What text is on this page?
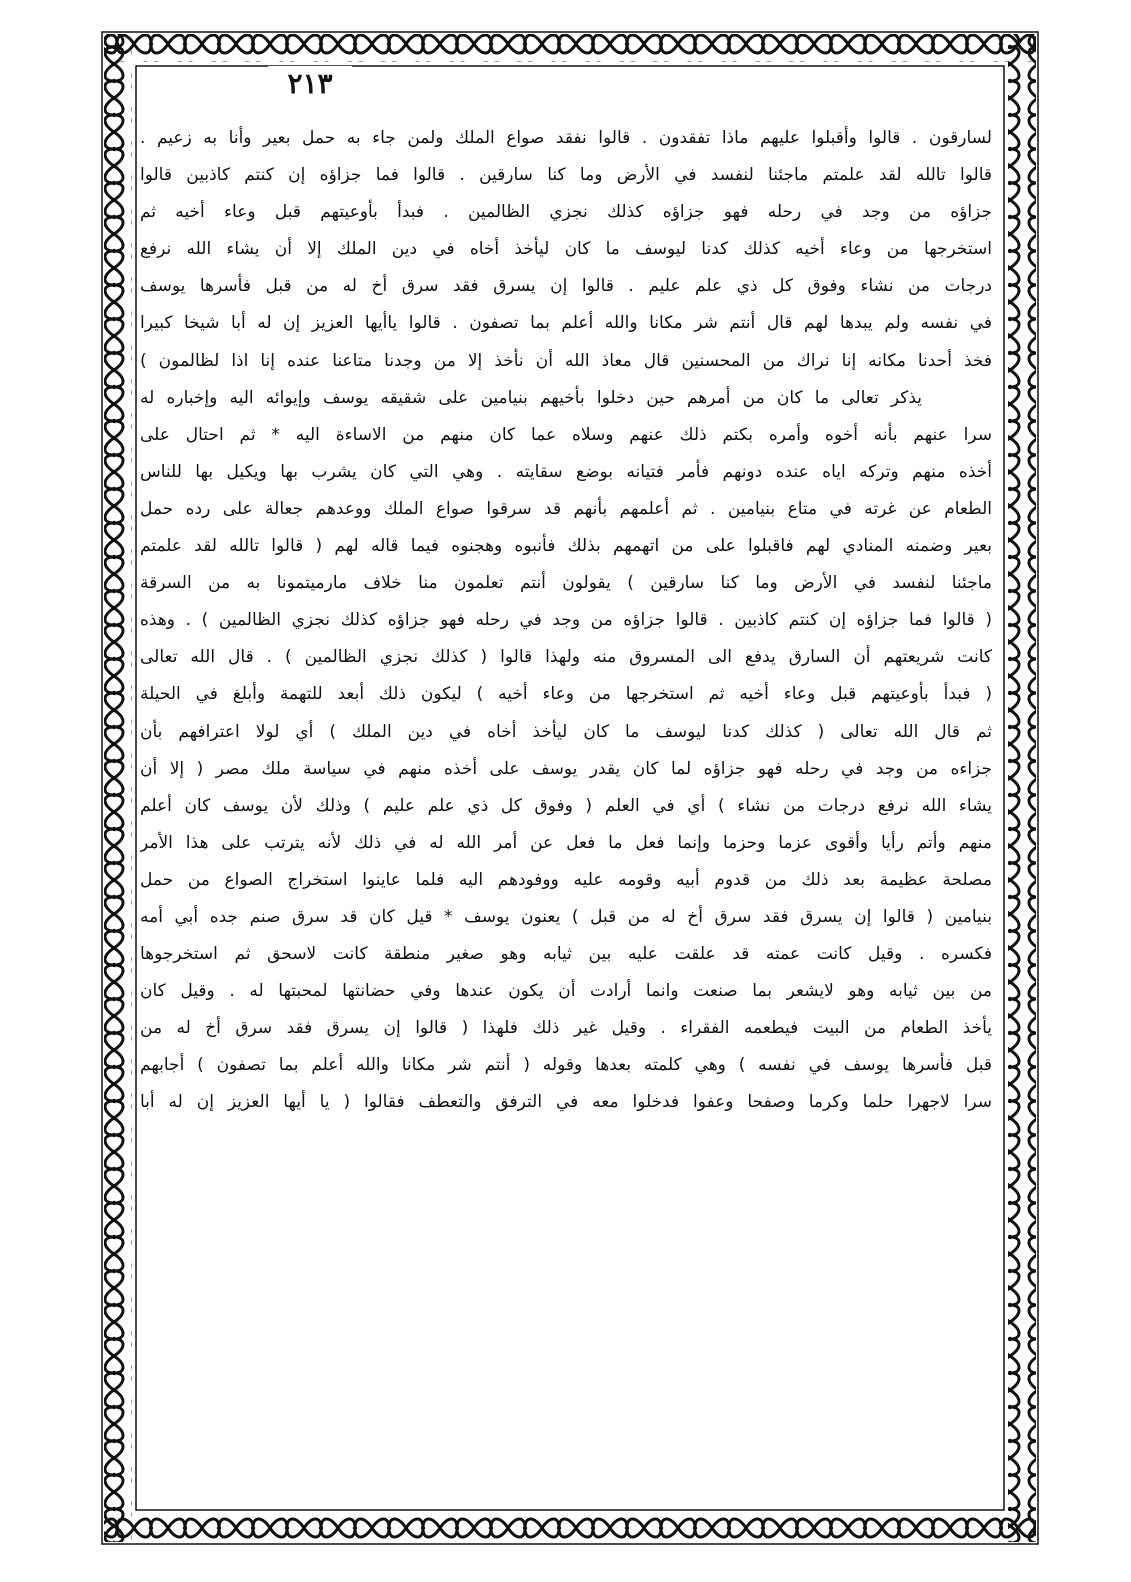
٢١٣
لسارقون . قالوا وأقبلوا عليهم ماذا تفقدون . قالوا نفقد صواع الملك ولمن جاء به حمل بعير وأنا به زعيم .
قالوا تالله لقد علمتم ماجئنا لنفسد في الأرض وما كنا سارقين . قالوا فما جزاؤه إن كنتم كاذبين قالوا
جزاؤه من وجد في رحله فهو جزاؤه كذلك نجزي الظالمين . فبدأ بأوعيتهم قبل وعاء أخيه ثم
استخرجها من وعاء أخيه كذلك كدنا ليوسف ما كان ليأخذ أخاه في دين الملك إلا أن يشاء الله نرفع
درجات من نشاء وفوق كل ذي علم عليم . قالوا إن يسرق فقد سرق أخ له من قبل فأسرها يوسف
في نفسه ولم يبدها لهم قال أنتم شر مكانا والله أعلم بما تصفون . قالوا ياأيها العزيز إن له أبا شيخا كبيرا
فخذ أحدنا مكانه إنا نراك من المحسنين قال معاذ الله أن نأخذ إلا من وجدنا متاعنا عنده إنا اذا لظالمون )
يذكر تعالى ما كان من أمرهم حين دخلوا بأخيهم بنيامين على شقيقه يوسف وإيوائه اليه وإخباره له
سرا عنهم بأنه أخوه وأمره بكتم ذلك عنهم وسلاه عما كان منهم من الاساءة اليه * ثم احتال على
أخذه منهم وتركه اياه عنده دونهم فأمر فتيانه بوضع سقايته . وهي التي كان يشرب بها ويكيل بها للناس
الطعام عن غرته في متاع بنيامين . ثم أعلمهم بأنهم قد سرقوا صواع الملك ووعدهم جعالة على رده حمل
بعير وضمنه المنادي لهم فاقبلوا على من اتهمهم بذلك فأنبوه وهجنوه فيما قاله لهم ( قالوا تالله لقد علمتم
ماجئنا لنفسد في الأرض وما كنا سارقين ) يقولون أنتم تعلمون منا خلاف مارميتمونا به من السرقة
( قالوا فما جزاؤه إن كنتم كاذبين . قالوا جزاؤه من وجد في رحله فهو جزاؤه كذلك نجزي الظالمين ) . وهذه
كانت شريعتهم أن السارق يدفع الى المسروق منه ولهذا قالوا ( كذلك نجزي الظالمين ) . قال الله تعالى
( فبدأ بأوعيتهم قبل وعاء أخيه ثم استخرجها من وعاء أخيه ) ليكون ذلك أبعد للتهمة وأبلغ في الحيلة
ثم قال الله تعالى ( كذلك كدنا ليوسف ما كان ليأخذ أخاه في دين الملك ) أي لولا اعترافهم بأن
جزاءه من وجد في رحله فهو جزاؤه لما كان يقدر يوسف على أخذه منهم في سياسة ملك مصر ( إلا أن
يشاء الله نرفع درجات من نشاء ) أي في العلم ( وفوق كل ذي علم عليم ) وذلك لأن يوسف كان أعلم
منهم وأتم رأيا وأقوى عزما وحزما وإنما فعل ما فعل عن أمر الله له في ذلك لأنه يترتب على هذا الأمر
مصلحة عظيمة بعد ذلك من قدوم أبيه وقومه عليه ووفودهم اليه فلما عاينوا استخراج الصواع من حمل
بنيامين ( قالوا إن يسرق فقد سرق أخ له من قبل ) يعنون يوسف * قيل كان قد سرق صنم جده أبي أمه
فكسره . وقيل كانت عمته قد علقت عليه بين ثيابه وهو صغير منطقة كانت لاسحق ثم استخرجوها
من بين ثيابه وهو لايشعر بما صنعت وانما أرادت أن يكون عندها وفي حضانتها لمحبتها له . وقيل كان
يأخذ الطعام من البيت فيطعمه الفقراء . وقيل غير ذلك فلهذا ( قالوا إن يسرق فقد سرق أخ له من
قبل فأسرها يوسف في نفسه ) وهي كلمته بعدها وقوله ( أنتم شر مكانا والله أعلم بما تصفون ) أجابهم
سرا لاجهرا حلما وكرما وصفحا وعفوا فدخلوا معه في الترفق والتعطف فقالوا ( يا أيها العزيز إن له أبا
